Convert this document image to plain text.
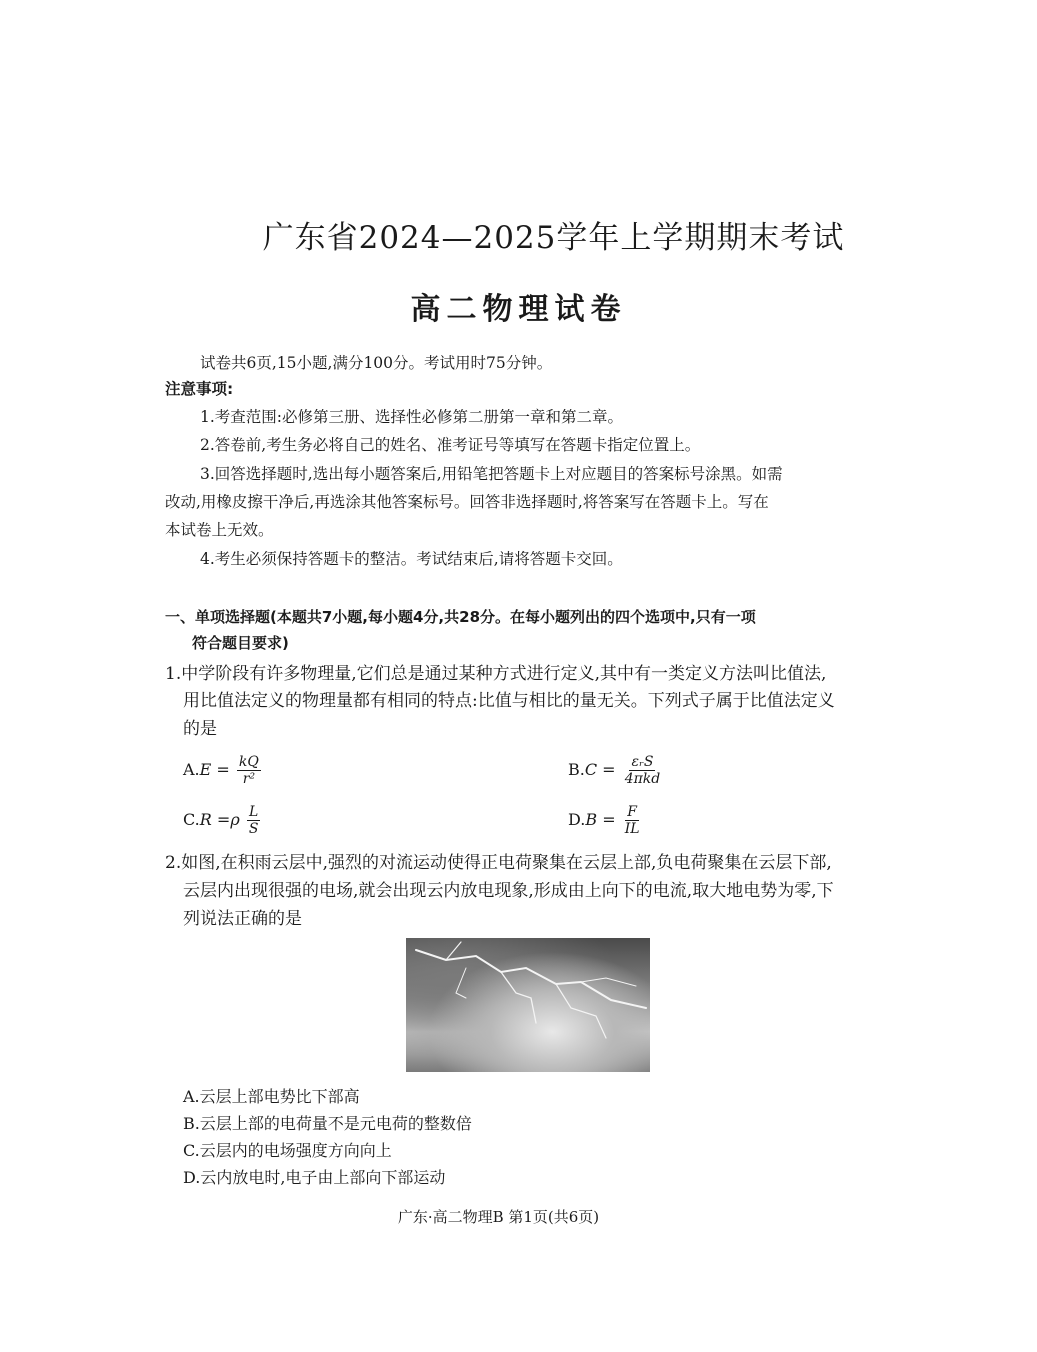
广东省2024—2025学年上学期期末考试
高二物理试卷
试卷共6页,15小题,满分100分。考试用时75分钟。
注意事项:
1.考查范围:必修第三册、选择性必修第二册第一章和第二章。
2.答卷前,考生务必将自己的姓名、准考证号等填写在答题卡指定位置上。
3.回答选择题时,选出每小题答案后,用铅笔把答题卡上对应题目的答案标号涂黑。如需
改动,用橡皮擦干净后,再选涂其他答案标号。回答非选择题时,将答案写在答题卡上。写在
本试卷上无效。
4.考生必须保持答题卡的整洁。考试结束后,请将答题卡交回。
一、单项选择题(本题共7小题,每小题4分,共28分。在每小题列出的四个选项中,只有一项
符合题目要求)
1.中学阶段有许多物理量,它们总是通过某种方式进行定义,其中有一类定义方法叫比值法,
用比值法定义的物理量都有相同的特点:比值与相比的量无关。下列式子属于比值法定义
的是
$A.E = \frac{kQ}{\text{r²}}$	$B.C = \frac{\text{εᵣS}}{\text{4πkd}}$
$C.R =\rho \frac{L}{S}$	$D.B = \frac{F}{IL}$
2.如图,在积雨云层中,强烈的对流运动使得正电荷聚集在云层上部,负电荷聚集在云层下部,
云层内出现很强的电场,就会出现云内放电现象,形成由上向下的电流,取大地电势为零,下
列说法正确的是
A.云层上部电势比下部高
B.云层上部的电荷量不是元电荷的整数倍
C.云层内的电场强度方向向上
D.云内放电时,电子由上部向下部运动
广东·高二物理B 第1页(共6页)
